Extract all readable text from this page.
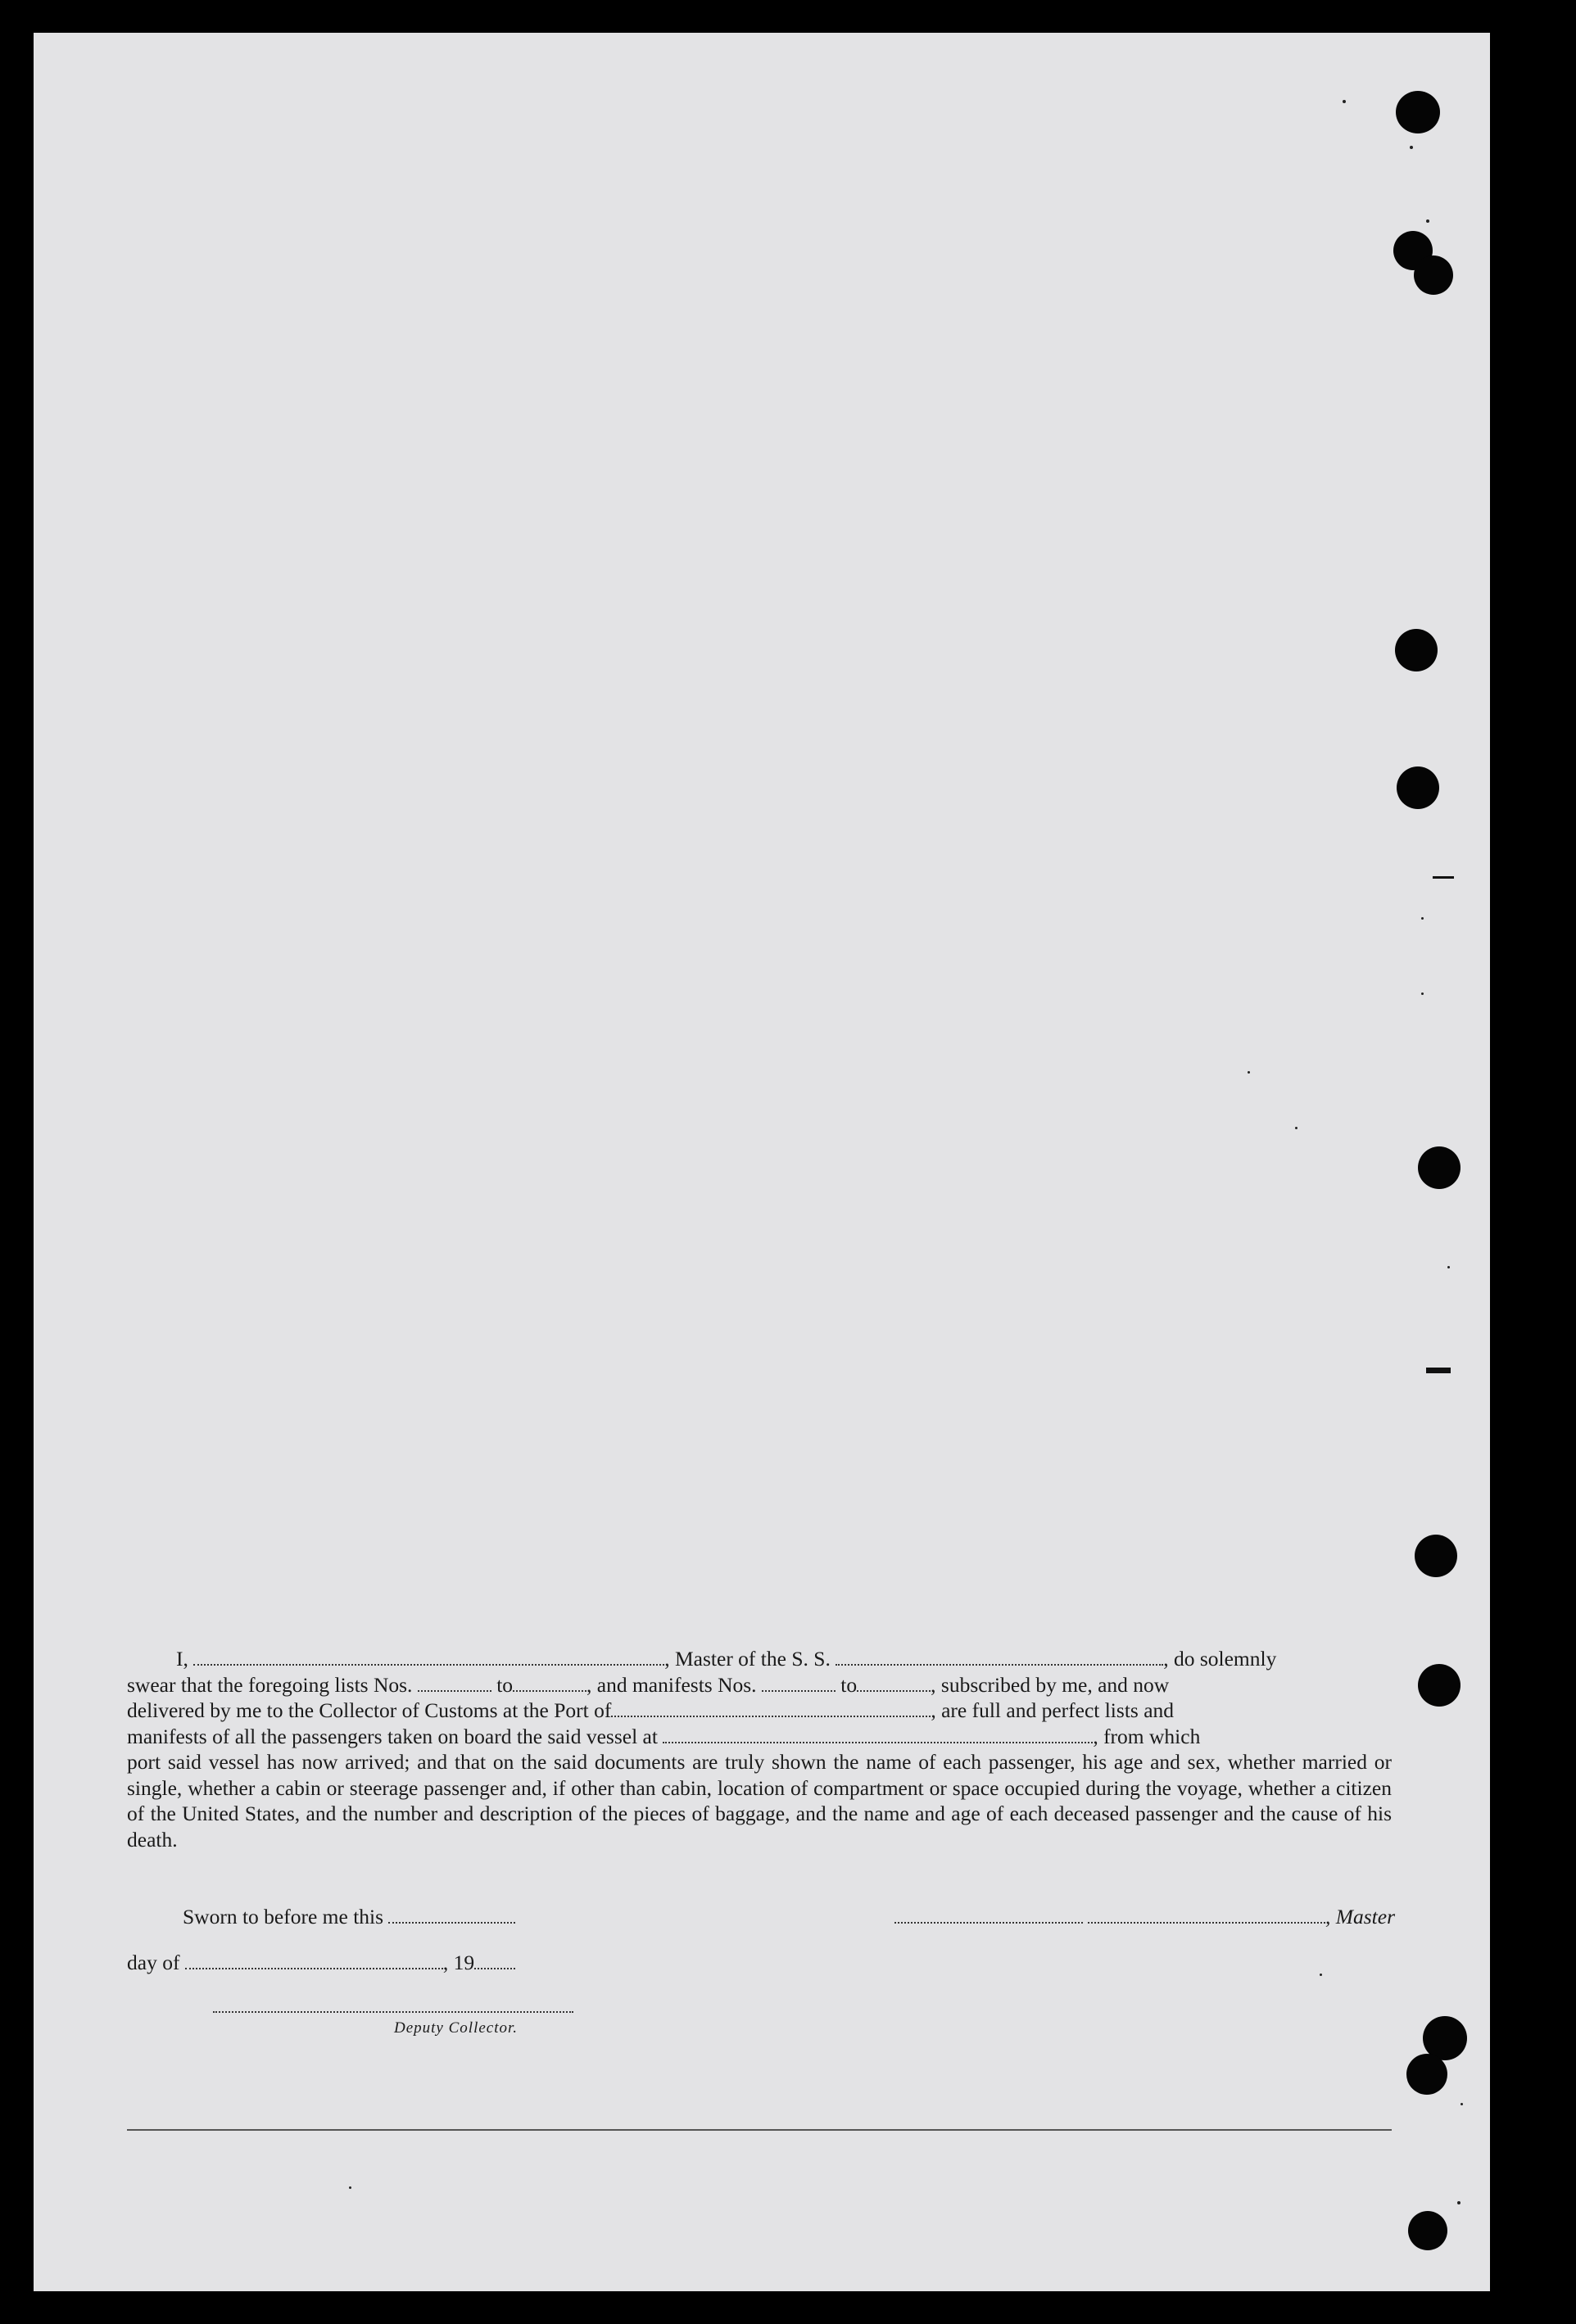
I,	, Master of the S. S.	, do solemnly

swear that the foregoing lists Nos.	to	, and manifests Nos.	to	, subscribed by me, and now

delivered by me to the Collector of Customs at the Port of	, are full and perfect lists and

manifests of all the passengers taken on board the said vessel at	, from which

port said vessel has now arrived; and that on the said documents are truly shown the name of each passenger, his age and sex, whether married or single, whether a cabin or steerage passenger and, if other than cabin, location of compartment or space occupied during the voyage, whether a citizen of the United States, and the number and description of the pieces of baggage, and the name and age of each deceased passenger and the cause of his death.

Sworn to before me this	, Master
day of	, 19
Deputy Collector.
